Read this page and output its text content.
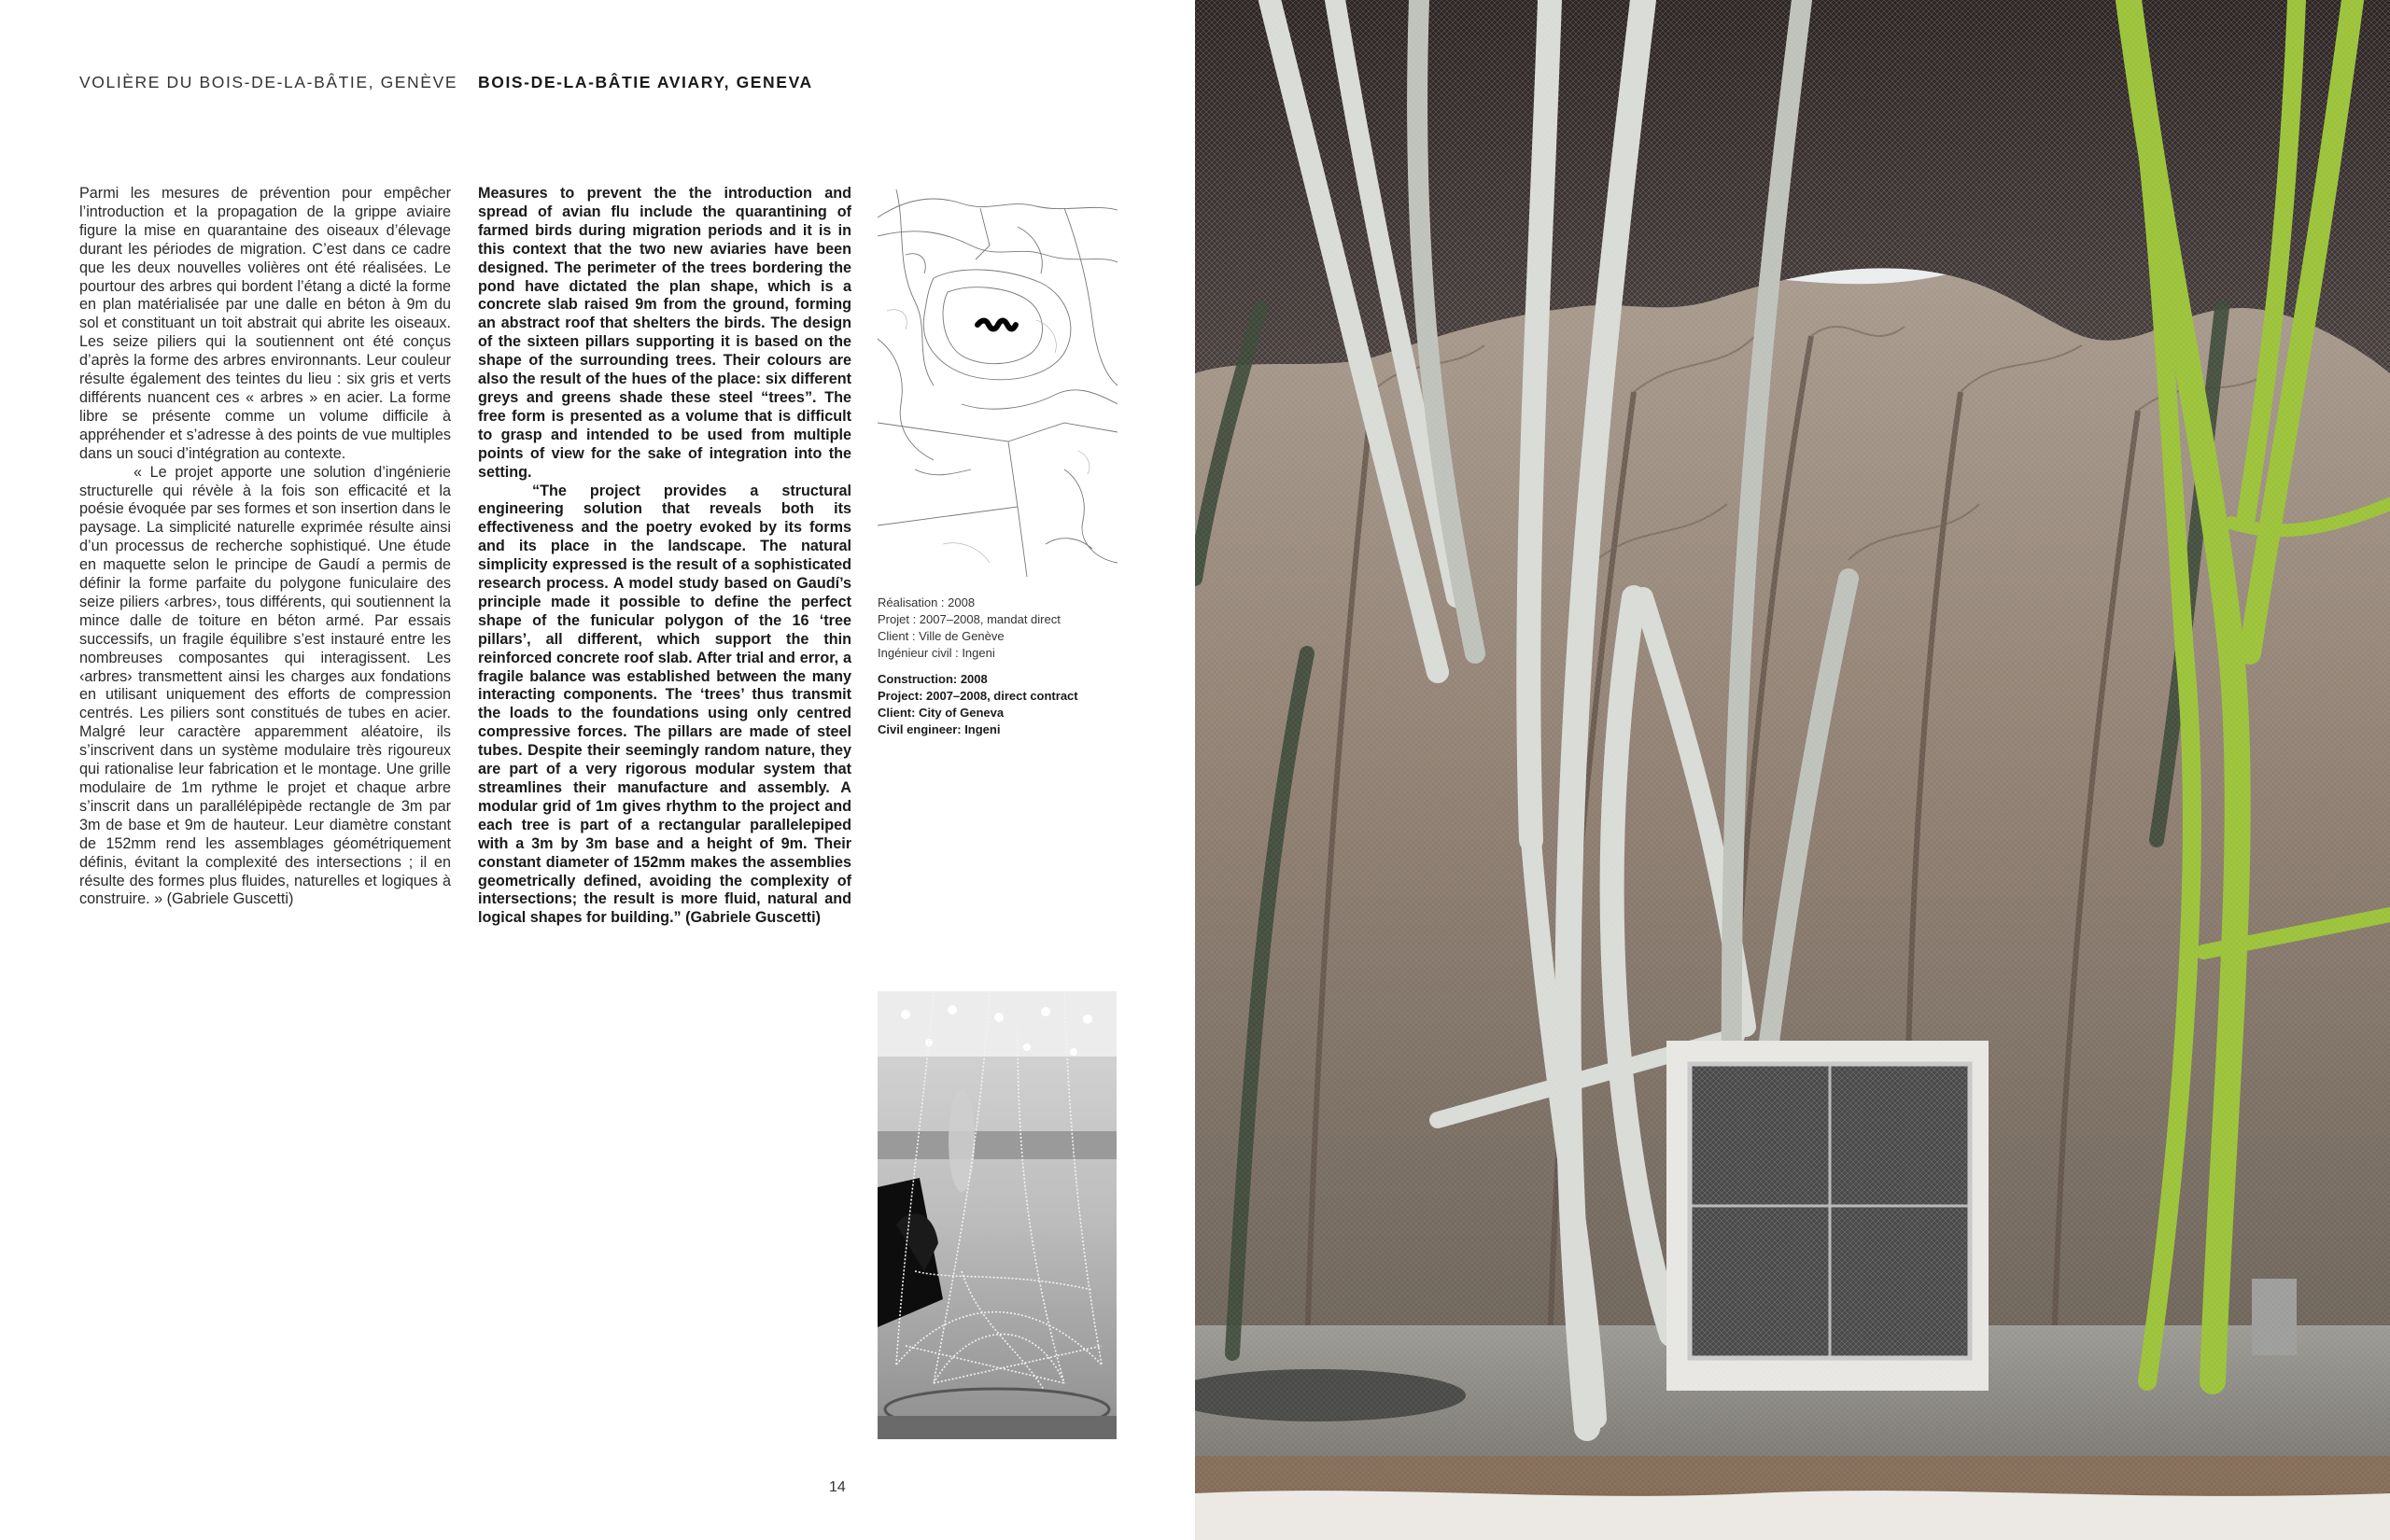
VOLIÈRE DU BOIS-DE-LA-BÂTIE, GENÈVE BOIS-DE-LA-BÂTIE AVIARY, GENEVA

Parmi les mesures de prévention pour empêcher l’introduction et la propagation de la grippe aviaire figure la mise en quarantaine des oiseaux d’élevage durant les périodes de migration. C’est dans ce cadre que les deux nouvelles volières ont été réalisées. Le pourtour des arbres qui bordent l’étang a dicté la forme en plan matérialisée par une dalle en béton à 9m du sol et constituant un toit abstrait qui abrite les oiseaux. Les seize piliers qui la soutiennent ont été conçus d’après la forme des arbres environnants. Leur couleur résulte également des teintes du lieu : six gris et verts différents nuancent ces « arbres » en acier. La forme libre se présente comme un volume difficile à appréhender et s’adresse à des points de vue multiples dans un souci d’intégration au contexte.

« Le projet apporte une solution d’ingénierie structurelle qui révèle à la fois son efficacité et la poésie évoquée par ses formes et son insertion dans le paysage. La simplicité naturelle exprimée résulte ainsi d’un processus de recherche sophistiqué. Une étude en maquette selon le principe de Gaudí a permis de définir la forme parfaite du polygone funiculaire des seize piliers ‹arbres›, tous différents, qui soutiennent la mince dalle de toiture en béton armé. Par essais successifs, un fragile équilibre s’est instauré entre les nombreuses composantes qui interagissent. Les ‹arbres› transmettent ainsi les charges aux fondations en utilisant uniquement des efforts de compression centrés. Les piliers sont constitués de tubes en acier. Malgré leur caractère apparemment aléatoire, ils s’inscrivent dans un système modulaire très rigoureux qui rationalise leur fabrication et le montage. Une grille modulaire de 1m rythme le projet et chaque arbre s’inscrit dans un parallélépipède rectangle de 3m par 3m de base et 9m de hauteur. Leur diamètre constant de 152mm rend les assemblages géométriquement définis, évitant la complexité des intersections ; il en résulte des formes plus fluides, naturelles et logiques à construire. » (Gabriele Guscetti)

Measures to prevent the the introduction and spread of avian flu include the quarantining of farmed birds during migration periods and it is in this context that the two new aviaries have been designed. The perimeter of the trees bordering the pond have dictated the plan shape, which is a concrete slab raised 9m from the ground, forming an abstract roof that shelters the birds. The design of the sixteen pillars supporting it is based on the shape of the surrounding trees. Their colours are also the result of the hues of the place: six different greys and greens shade these steel “trees”. The free form is presented as a volume that is difficult to grasp and intended to be used from multiple points of view for the sake of integration into the setting.

“The project provides a structural engineering solution that reveals both its effectiveness and the poetry evoked by its forms and its place in the landscape. The natural simplicity expressed is the result of a sophisticated research process. A model study based on Gaudí’s principle made it possible to define the perfect shape of the funicular polygon of the 16 ‘tree pillars’, all different, which support the thin reinforced concrete roof slab. After trial and error, a fragile balance was established between the many interacting components. The ‘trees’ thus transmit the loads to the foundations using only centred compressive forces. The pillars are made of steel tubes. Despite their seemingly random nature, they are part of a very rigorous modular system that streamlines their manufacture and assembly. A modular grid of 1m gives rhythm to the project and each tree is part of a rectangular parallelepiped with a 3m by 3m base and a height of 9m. Their constant diameter of 152mm makes the assemblies geometrically defined, avoiding the complexity of intersections; the result is more fluid, natural and logical shapes for building.” (Gabriele Guscetti)

Réalisation : 2008
Projet : 2007–2008, mandat direct
Client : Ville de Genève
Ingénieur civil : Ingeni
Construction: 2008
Project: 2007–2008, direct contract
Client: City of Geneva
Civil engineer: Ingeni
14
